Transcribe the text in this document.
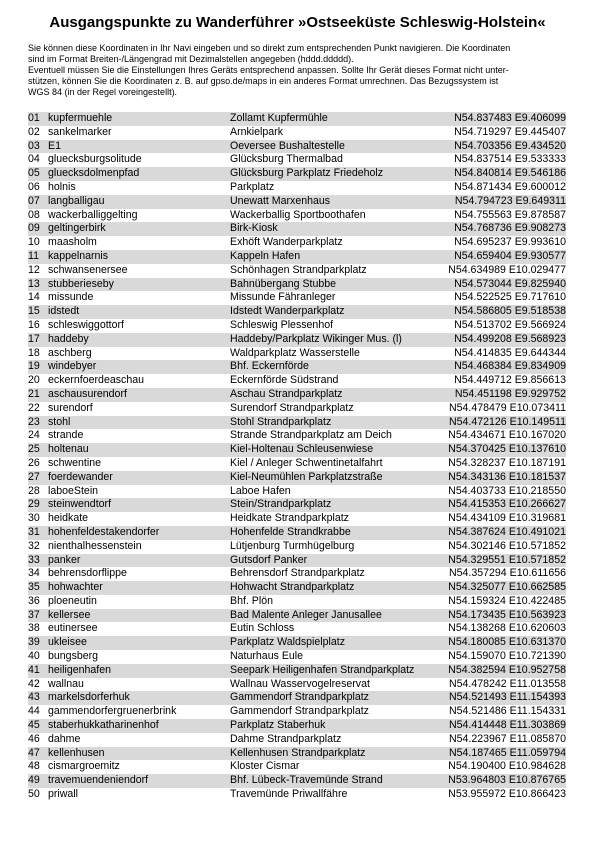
Ausgangspunkte zu Wanderführer »Ostseeküste Schleswig-Holstein«
Sie können diese Koordinaten in Ihr Navi eingeben und so direkt zum entsprechenden Punkt navigieren. Die Koordinaten
sind im Format Breiten-/Längengrad mit Dezimalstellen angegeben (hddd.ddddd).
Eventuell müssen Sie die Einstellungen Ihres Geräts entsprechend anpassen. Sollte Ihr Gerät dieses Format nicht unter-
stützen, können Sie die Koordinaten z. B. auf gpso.de/maps in ein anderes Format umrechnen. Das Bezugssystem ist
WGS 84 (in der Regel voreingestellt).
01 kupfermuehle	Zollamt Kupfermühle	N54.837483 E9.406099
02 sankelmarker	Arnkielpark	N54.719297 E9.445407
03 E1	Oeversee Bushaltestelle	N54.703356 E9.434520
04 gluecksburgsolitude	Glücksburg Thermalbad	N54.837514 E9.533333
05 gluecksdolmenpfad	Glücksburg Parkplatz Friedeholz	N54.840814 E9.546186
06 holnis	Parkplatz	N54.871434 E9.600012
07 langballigau	Unewatt Marxenhaus	N54.794723 E9.649311
08 wackerballiggelting	Wackerballig Sportboothafen	N54.755563 E9.878587
09 geltingerbirk	Birk-Kiosk	N54.768736 E9.908273
10 maasholm	Exhöft Wanderparkplatz	N54.695237 E9.993610
11 kappelnarnis	Kappeln Hafen	N54.659404 E9.930577
12 schwansenersee	Schönhagen Strandparkplatz	N54.634989 E10.029477
13 stubberieseby	Bahnübergang Stubbe	N54.573044 E9.825940
14 missunde	Missunde Fähranleger	N54.522525 E9.717610
15 idstedt	Idstedt Wanderparkplatz	N54.586805 E9.518538
16 schleswiggottorf	Schleswig Plessenhof	N54.513702 E9.566924
17 haddeby	Haddeby/Parkplatz Wikinger Mus. (l)	N54.499208 E9.568923
18 aschberg	Waldparkplatz Wasserstelle	N54.414835 E9.644344
19 windebyer	Bhf. Eckernförde	N54.468384 E9.834909
20 eckernfoerdeaschau	Eckernförde Südstrand	N54.449712 E9.856613
21 aschausurendorf	Aschau Strandparkplatz	N54.451198 E9.929752
22 surendorf	Surendorf Strandparkplatz	N54.478479 E10.073411
23 stohl	Stohl Strandparkplatz	N54.472126 E10.149511
24 strande	Strande Strandparkplatz am Deich	N54.434671 E10.167020
25 holtenau	Kiel-Holtenau Schleusenwiese	N54.370425 E10.137610
26 schwentine	Kiel / Anleger Schwentinetalfahrt	N54.328237 E10.187191
27 foerdewander	Kiel-Neumühlen Parkplatzstraße	N54.343136 E10.181537
28 laboeStein	Laboe Hafen	N54.403733 E10.218550
29 steinwendtorf	Stein/Strandparkplatz	N54.415353 E10.266627
30 heidkate	Heidkate Strandparkplatz	N54.434109 E10.319681
31 hohenfeldestakendorfer	Hohenfelde Strandkrabbe	N54.387624 E10.491021
32 nienthalhessenstein	Lütjenburg Turmhügelburg	N54.302146 E10.571852
33 panker	Gutsdorf Panker	N54.329551 E10.571852
34 behrensdorflippe	Behrensdorf Strandparkplatz	N54.357294 E10.611656
35 hohwachter	Hohwacht Strandparkplatz	N54.325077 E10.662585
36 ploeneutin	Bhf. Plön	N54.159324 E10.422485
37 kellersee	Bad Malente Anleger Janusallee	N54.173435 E10.563923
38 eutinersee	Eutin Schloss	N54.138268 E10.620603
39 ukleisee	Parkplatz Waldspielplatz	N54.180085 E10.631370
40 bungsberg	Naturhaus Eule	N54.159070 E10.721390
41 heiligenhafen	Seepark Heiligenhafen Strandparkplatz	N54.382594 E10.952758
42 wallnau	Wallnau Wasservogelreservat	N54.478242 E11.013558
43 markelsdorferhuk	Gammendorf Strandparkplatz	N54.521493 E11.154393
44 gammendorfergruenerbrink	Gammendorf Strandparkplatz	N54.521486 E11.154331
45 staberhukkatharinenhof	Parkplatz Staberhuk	N54.414448 E11.303869
46 dahme	Dahme Strandparkplatz	N54.223967 E11.085870
47 kellenhusen	Kellenhusen Strandparkplatz	N54.187465 E11.059794
48 cismargroemitz	Kloster Cismar	N54.190400 E10.984628
49 travemuendeniendorf	Bhf. Lübeck-Travemünde Strand	N53.964803 E10.876765
50 priwall	Travemünde Priwallfähre	N53.955972 E10.866423
